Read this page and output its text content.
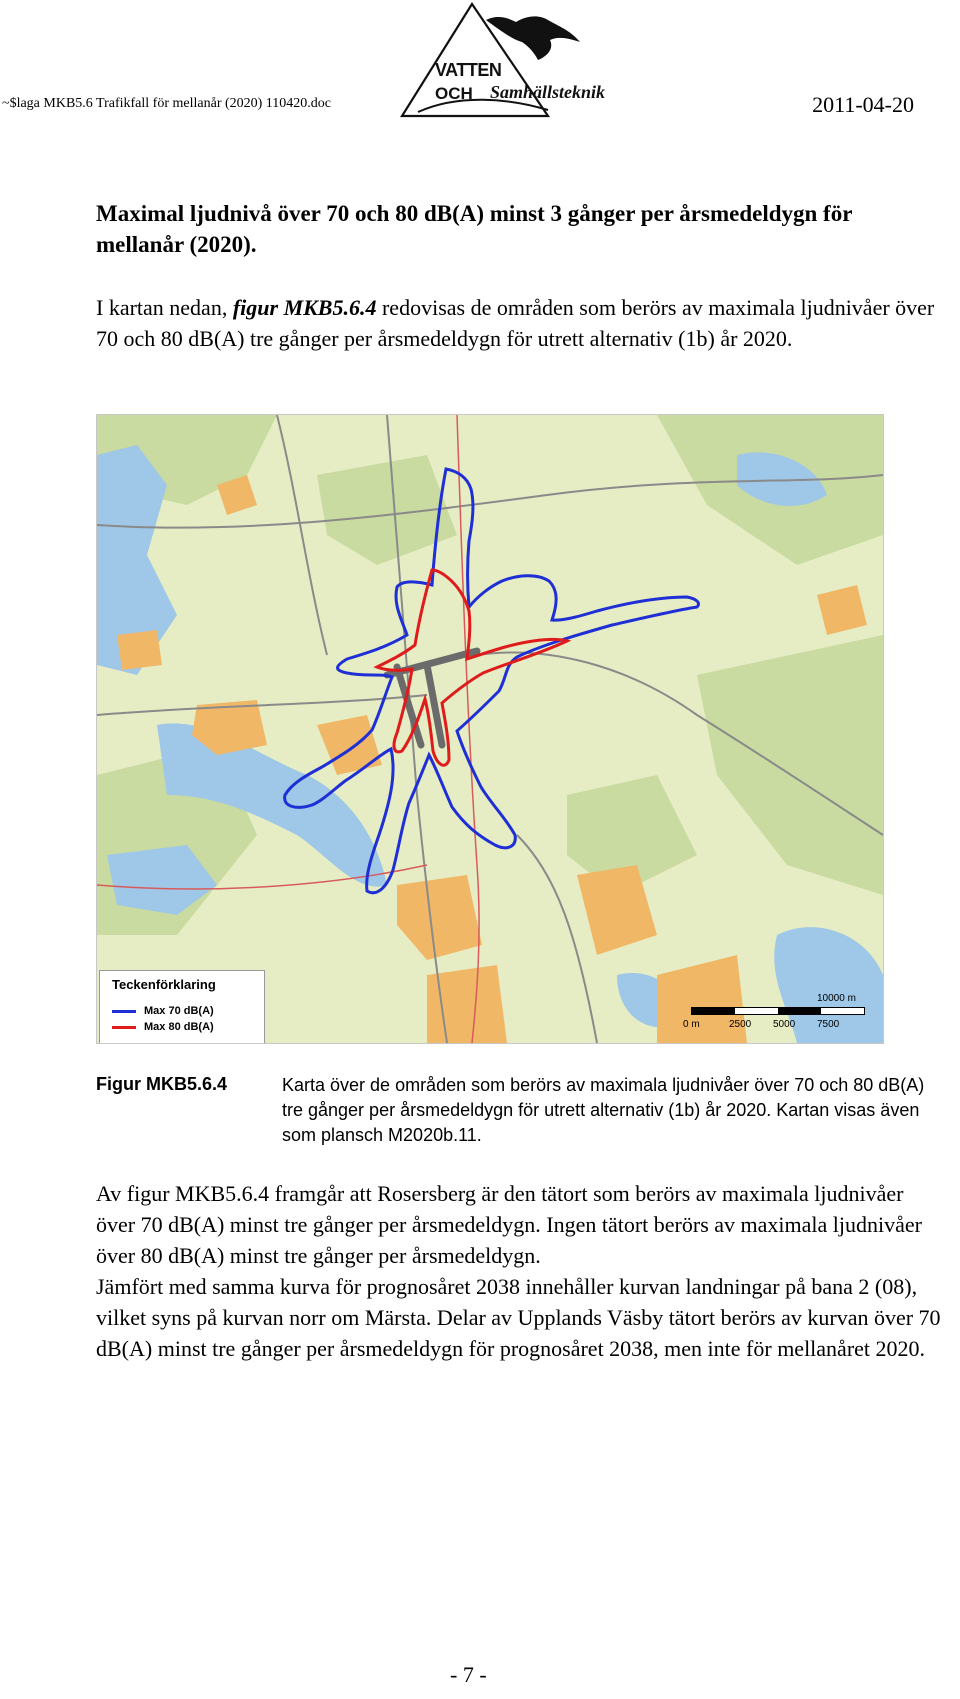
~$laga MKB5.6 Trafikfall för mellanår (2020) 110420.doc
VATTEN
OCH Samhällsteknik	2011-04-20
Maximal ljudnivå över 70 och 80 dB(A) minst 3 gånger per årsmedeldygn för mellanår (2020).
I kartan nedan, figur MKB5.6.4 redovisas de områden som berörs av maximala ljudnivåer över 70 och 80 dB(A) tre gånger per årsmedeldygn för utrett alternativ (1b) år 2020.
Teckenförklaring
Max 70 dB(A)
Max 80 dB(A)
10000 m
0 m	2500 5000 7500
Figur MKB5.6.4	Karta över de områden som berörs av maximala ljudnivåer över 70 och 80 dB(A) tre gånger per årsmedeldygn för utrett alternativ (1b) år 2020. Kartan visas även som plansch M2020b.11.
Av figur MKB5.6.4 framgår att Rosersberg är den tätort som berörs av maximala ljudnivåer över 70 dB(A) minst tre gånger per årsmedeldygn. Ingen tätort berörs av maximala ljudnivåer över 80 dB(A) minst tre gånger per årsmedeldygn.
Jämfört med samma kurva för prognosåret 2038 innehåller kurvan landningar på bana 2 (08), vilket syns på kurvan norr om Märsta. Delar av Upplands Väsby tätort berörs av kurvan över 70 dB(A) minst tre gånger per årsmedeldygn för prognosåret 2038, men inte för mellanåret 2020.
- 7 -
